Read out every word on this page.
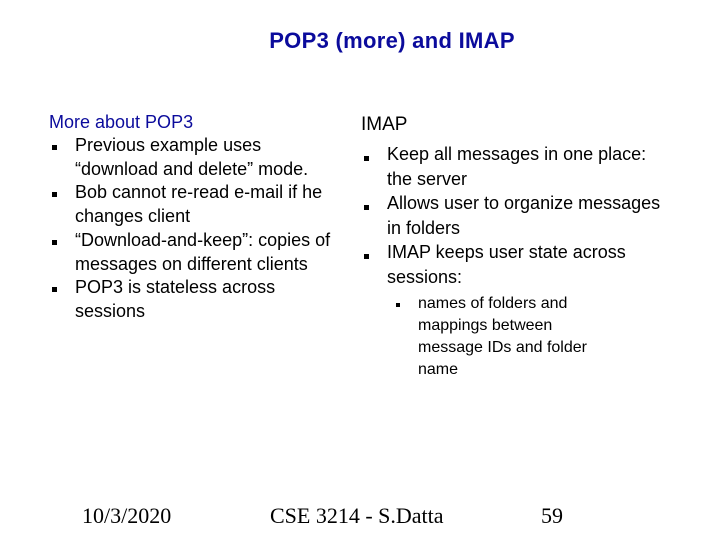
POP3 (more) and IMAP
More about POP3
Previous example uses “download and delete” mode.
Bob cannot re-read e-mail if he changes client
“Download-and-keep”: copies of messages on different clients
POP3 is stateless across sessions
IMAP
Keep all messages in one place: the server
Allows user to organize messages in folders
IMAP keeps user state across sessions:
names of folders and mappings between message IDs and folder name
10/3/2020	CSE 3214 - S.Datta	59
